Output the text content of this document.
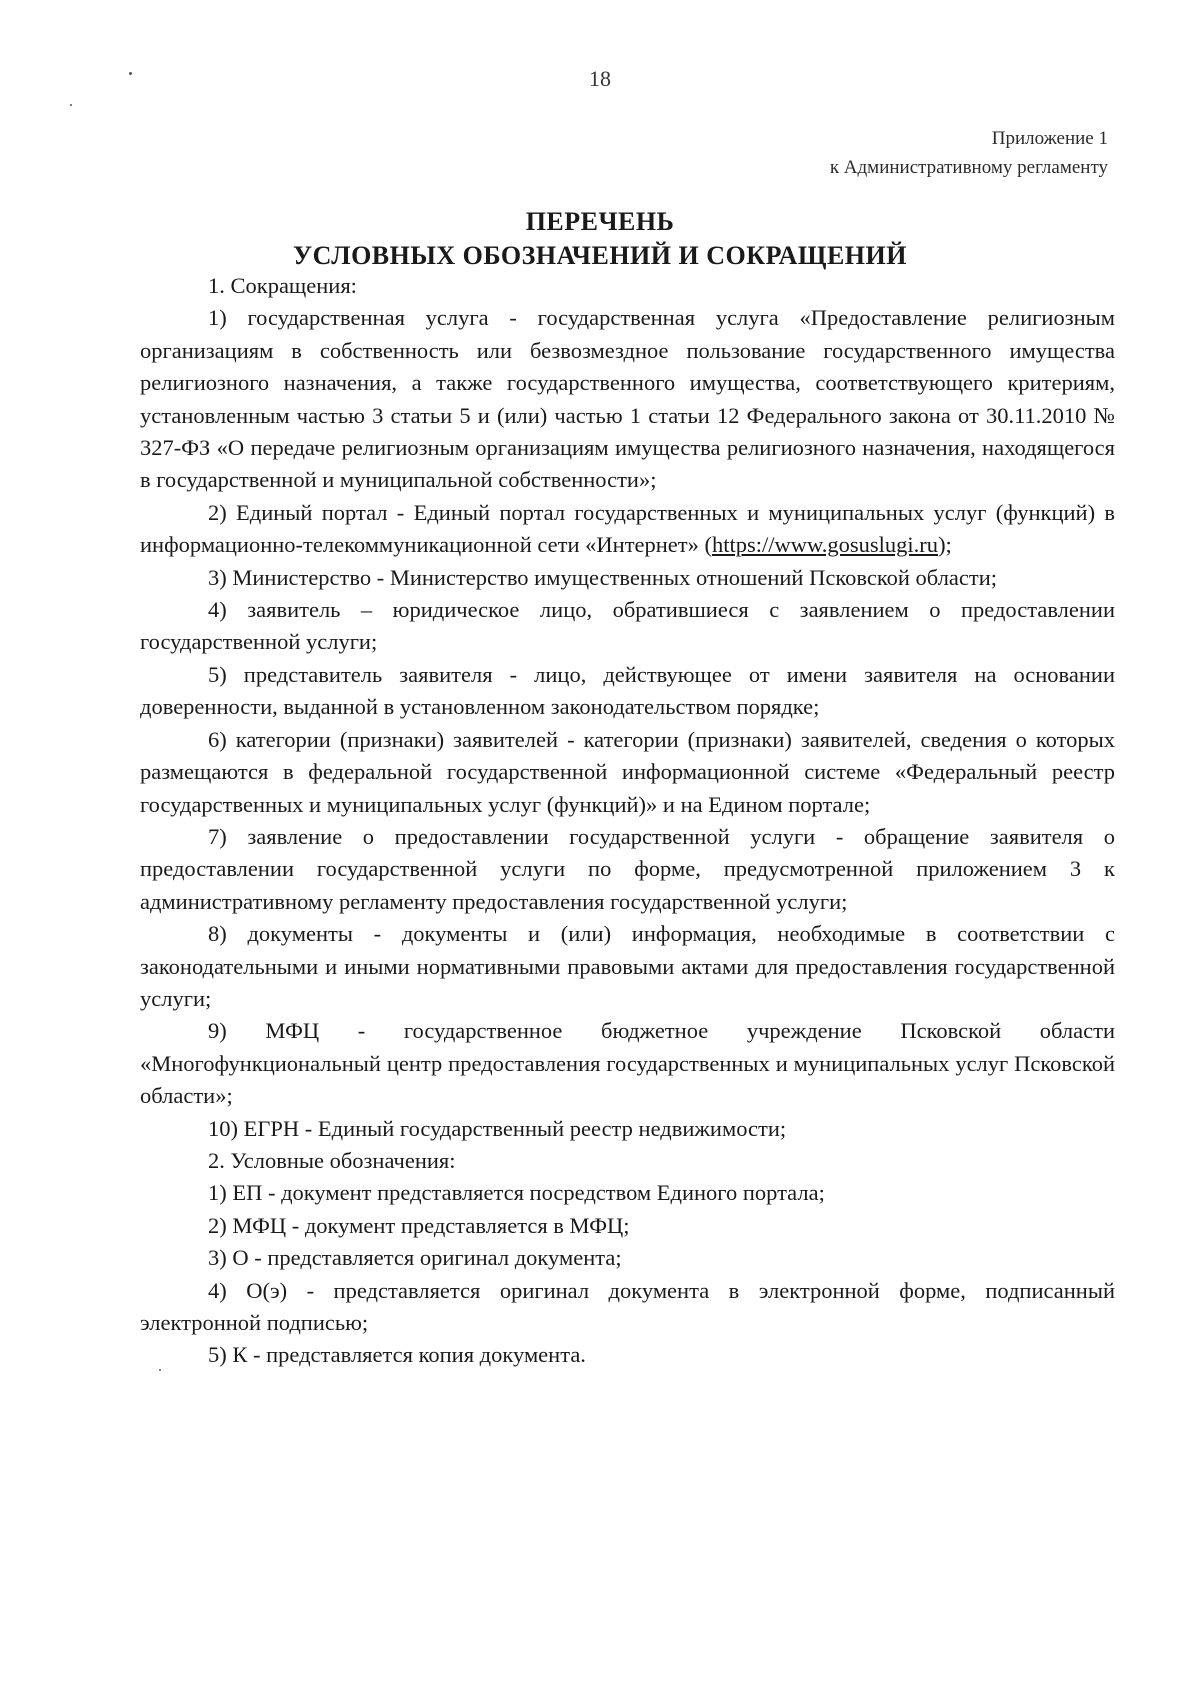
18
Приложение 1
к Административному регламенту
ПЕРЕЧЕНЬ
УСЛОВНЫХ ОБОЗНАЧЕНИЙ И СОКРАЩЕНИЙ

1. Сокращения:

1) государственная услуга - государственная услуга «Предоставление религиозным организациям в собственность или безвозмездное пользование государственного имущества религиозного назначения, а также государственного имущества, соответствующего критериям, установленным частью 3 статьи 5 и (или) частью 1 статьи 12 Федерального закона от 30.11.2010 № 327-ФЗ «О передаче религиозным организациям имущества религиозного назначения, находящегося в государственной и муниципальной собственности»;

2) Единый портал - Единый портал государственных и муниципальных услуг (функций) в информационно-телекоммуникационной сети «Интернет» (https://www.gosuslugi.ru);

3) Министерство - Министерство имущественных отношений Псковской области;

4) заявитель – юридическое лицо, обратившиеся с заявлением о предоставлении государственной услуги;

5) представитель заявителя - лицо, действующее от имени заявителя на основании доверенности, выданной в установленном законодательством порядке;

6) категории (признаки) заявителей - категории (признаки) заявителей, сведения о которых размещаются в федеральной государственной информационной системе «Федеральный реестр государственных и муниципальных услуг (функций)» и на Едином портале;

7) заявление о предоставлении государственной услуги - обращение заявителя о предоставлении государственной услуги по форме, предусмотренной приложением 3 к административному регламенту предоставления государственной услуги;

8) документы - документы и (или) информация, необходимые в соответствии с законодательными и иными нормативными правовыми актами для предоставления государственной услуги;

9) МФЦ - государственное бюджетное учреждение Псковской области «Многофункциональный центр предоставления государственных и муниципальных услуг Псковской области»;

10) ЕГРН - Единый государственный реестр недвижимости;

2. Условные обозначения:

1) ЕП - документ представляется посредством Единого портала;

2) МФЦ - документ представляется в МФЦ;

3) О - представляется оригинал документа;

4) О(э) - представляется оригинал документа в электронной форме, подписанный электронной подписью;

5) К - представляется копия документа.
